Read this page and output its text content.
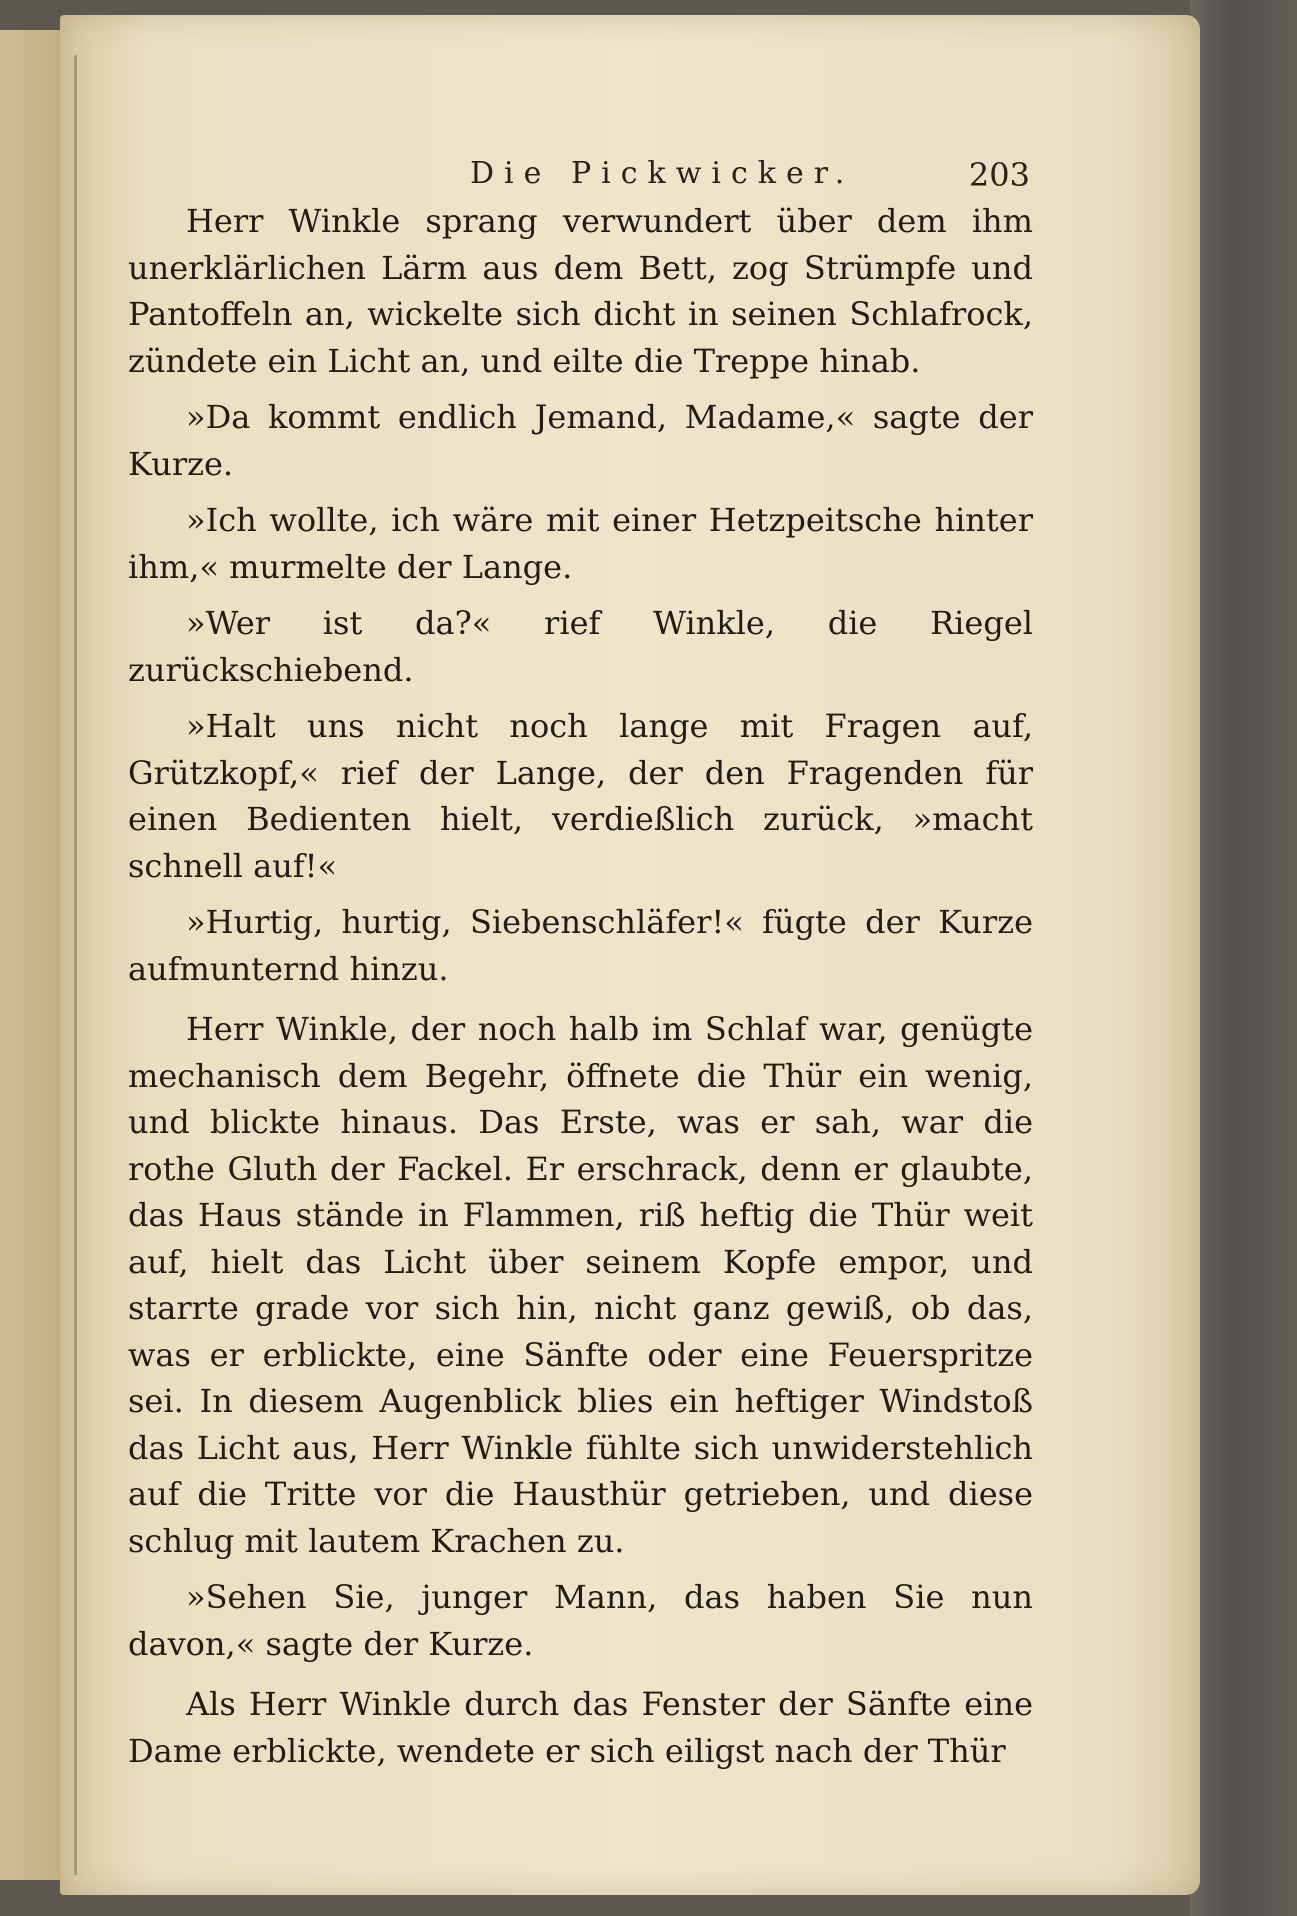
Die Pickwicker.	203

Herr Winkle sprang verwundert über dem ihm unerklärlichen Lärm aus dem Bett, zog Strümpfe und Pantoffeln an, wickelte sich dicht in seinen Schlafrock, zündete ein Licht an, und eilte die Treppe hinab.

»Da kommt endlich Jemand, Madame,« sagte der Kurze.

»Ich wollte, ich wäre mit einer Hetzpeitsche hinter ihm,« murmelte der Lange.

»Wer ist da?« rief Winkle, die Riegel zurückschiebend.

»Halt uns nicht noch lange mit Fragen auf, Grützkopf,« rief der Lange, der den Fragenden für einen Bedienten hielt, verdießlich zurück, »macht schnell auf!«

»Hurtig, hurtig, Siebenschläfer!« fügte der Kurze aufmunternd hinzu.

Herr Winkle, der noch halb im Schlaf war, genügte mechanisch dem Begehr, öffnete die Thür ein wenig, und blickte hinaus. Das Erste, was er sah, war die rothe Gluth der Fackel. Er erschrack, denn er glaubte, das Haus stände in Flammen, riß heftig die Thür weit auf, hielt das Licht über seinem Kopfe empor, und starrte grade vor sich hin, nicht ganz gewiß, ob das, was er erblickte, eine Sänfte oder eine Feuerspritze sei. In diesem Augenblick blies ein heftiger Windstoß das Licht aus, Herr Winkle fühlte sich unwiderstehlich auf die Tritte vor die Hausthür getrieben, und diese schlug mit lautem Krachen zu.

»Sehen Sie, junger Mann, das haben Sie nun davon,« sagte der Kurze.

Als Herr Winkle durch das Fenster der Sänfte eine Dame erblickte, wendete er sich eiligst nach der Thür
